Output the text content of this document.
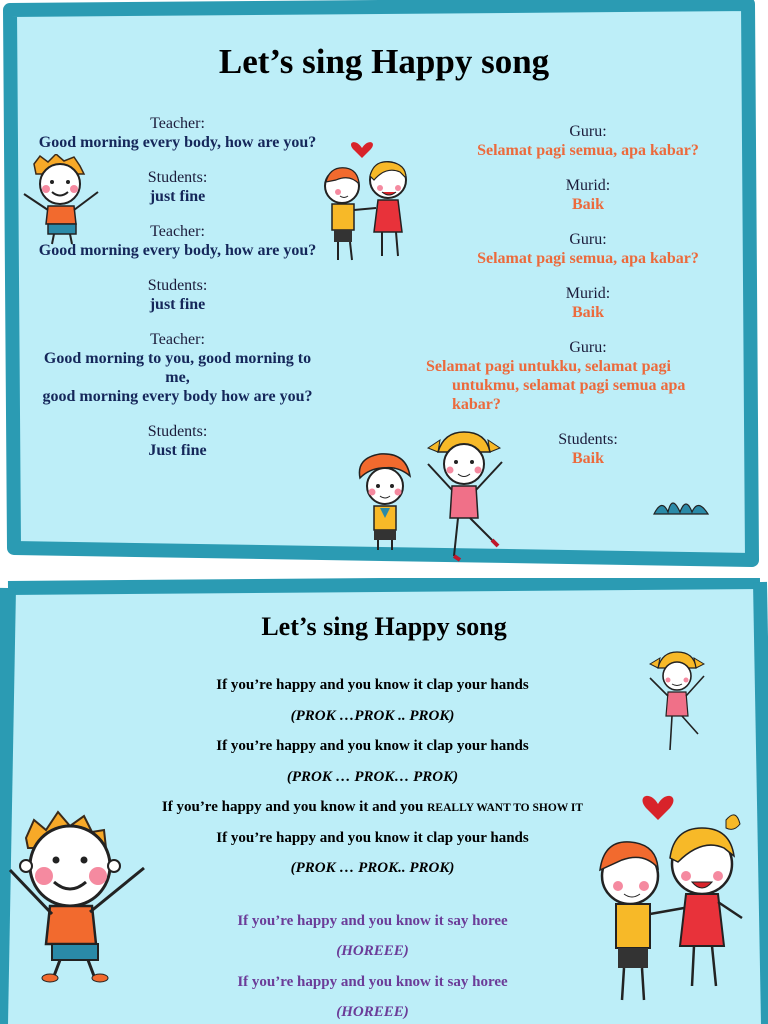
Let’s sing Happy song
Teacher:
Good morning every body, how are you?
Students:
just fine
Teacher:
Good morning every body, how are you?
Students:
just fine
Teacher:
Good morning to you, good morning to
me,
good morning every body how are you?
Students:
Just fine
Guru:
Selamat pagi semua, apa kabar?
Murid:
Baik
Guru:
Selamat pagi semua, apa kabar?
Murid:
Baik
Guru:
Selamat pagi untukku, selamat pagi
untukmu, selamat pagi semua apa
kabar?
Students:
Baik
Let’s sing Happy song
If you’re happy and you know it clap your hands
(PROK …PROK .. PROK)
If you’re happy and you know it clap your hands
(PROK … PROK… PROK)
If you’re happy and you know it and you REALLY WANT TO SHOW IT
If you’re happy and you know it clap your hands
(PROK … PROK.. PROK)
If you’re happy and you know it say horee
(HOREEE)
If you’re happy and you know it say horee
(HOREEE)
